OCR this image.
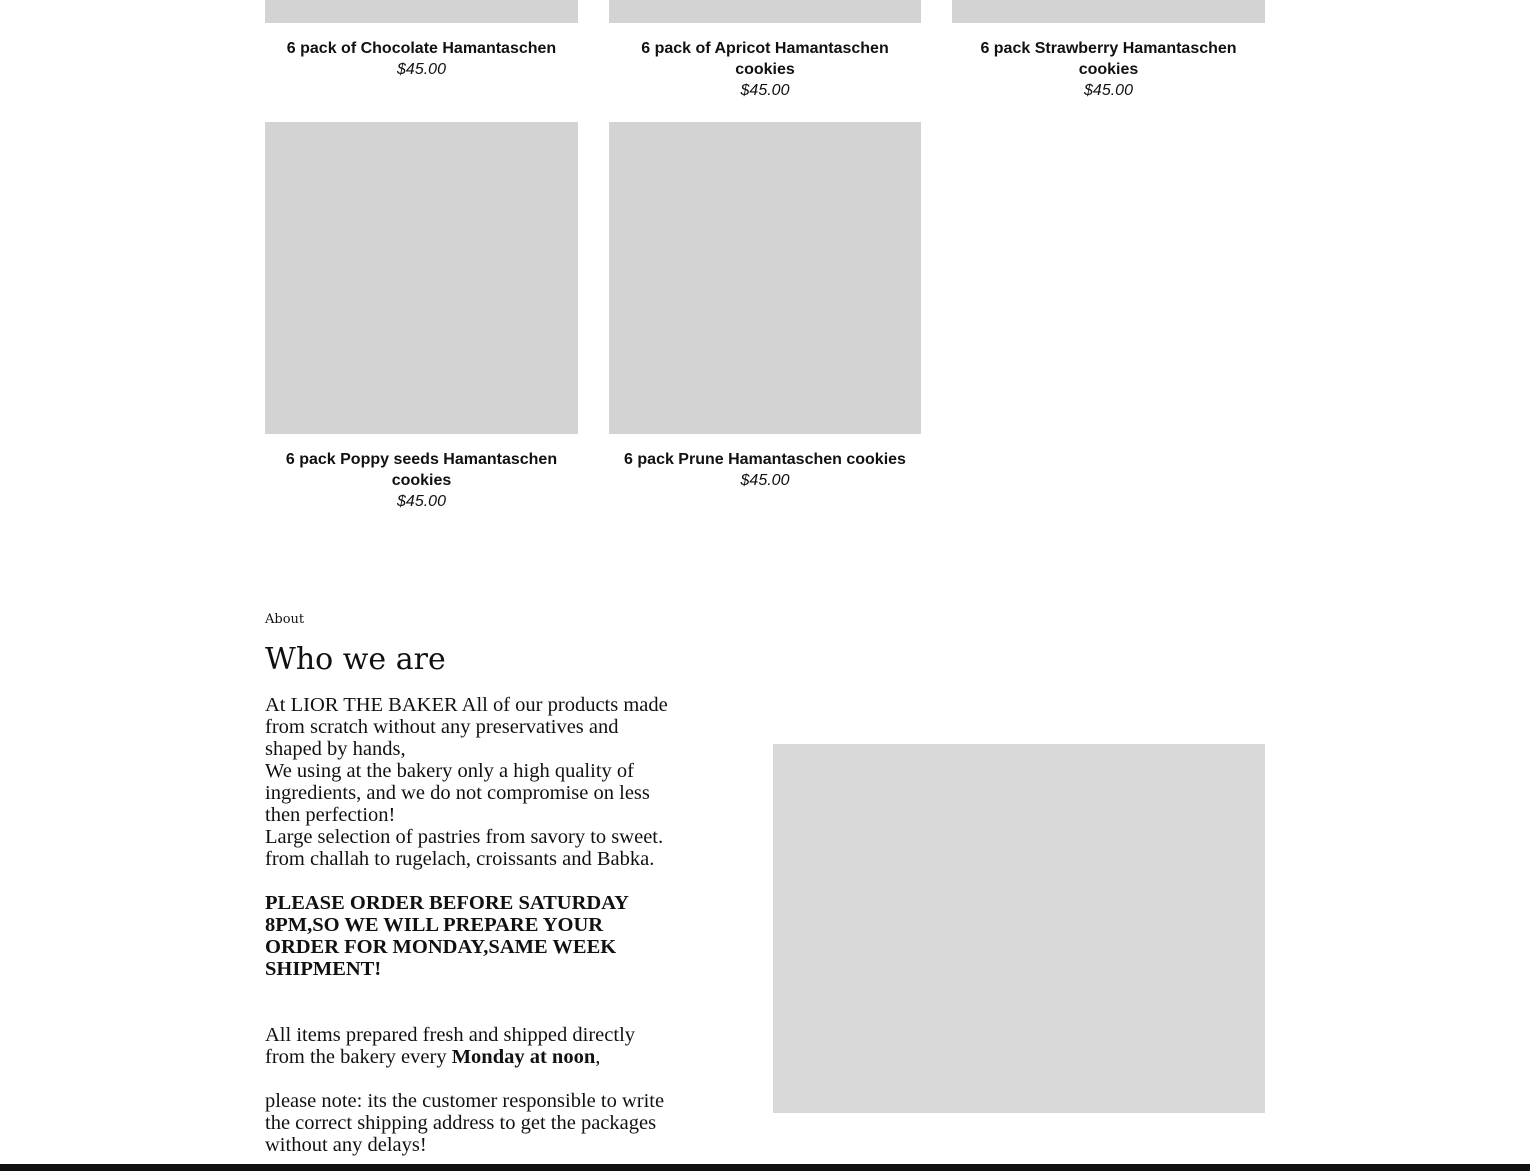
6 pack of Chocolate Hamantaschen
$45.00
6 pack of Apricot Hamantaschen cookies
$45.00
6 pack Strawberry Hamantaschen cookies
$45.00
6 pack Poppy seeds Hamantaschen cookies
$45.00
6 pack Prune Hamantaschen cookies
$45.00
About
Who we are

At LIOR THE BAKER All of our products made from scratch without any preservatives and shaped by hands,

We using at the bakery only a high quality of ingredients, and we do not compromise on less then perfection!

Large selection of pastries from savory to sweet. from challah to rugelach, croissants and Babka.

PLEASE ORDER BEFORE SATURDAY 8PM,SO WE WILL PREPARE YOUR ORDER FOR MONDAY,SAME WEEK SHIPMENT!

All items prepared fresh and shipped directly from the bakery every Monday at noon,

please note: its the customer responsible to write the correct shipping address to get the packages without any delays!
